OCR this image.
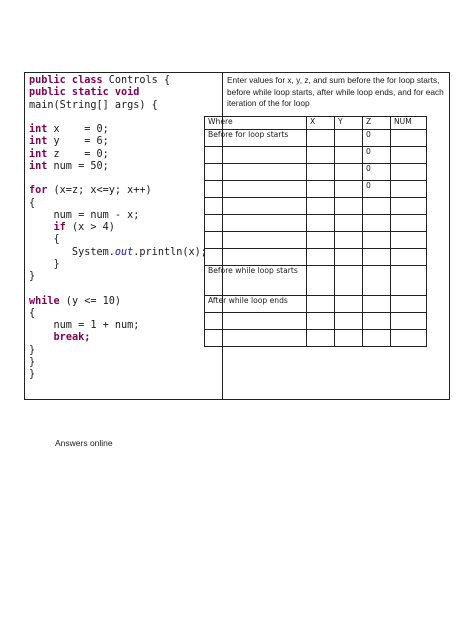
public class Controls {
public static void
main(String[] args) {

int x    = 0;
int y    = 6;
int z    = 0;
int num = 50;

for (x=z; x<=y; x++)
{
num = num - x;
if (x > 4)
{
System.out.println(x);
}
}

while (y <= 10)
{
num = 1 + num;
break;
}
}
}

Enter values for x, y, z, and sum before the for loop starts, before while loop starts, after while loop ends, and for each iteration of the for loop
Where	X	Y	Z	NUM
Before for loop starts			0	
			0	
			0	
			0	

Before while loop starts				
After while loop ends				

Answers online
